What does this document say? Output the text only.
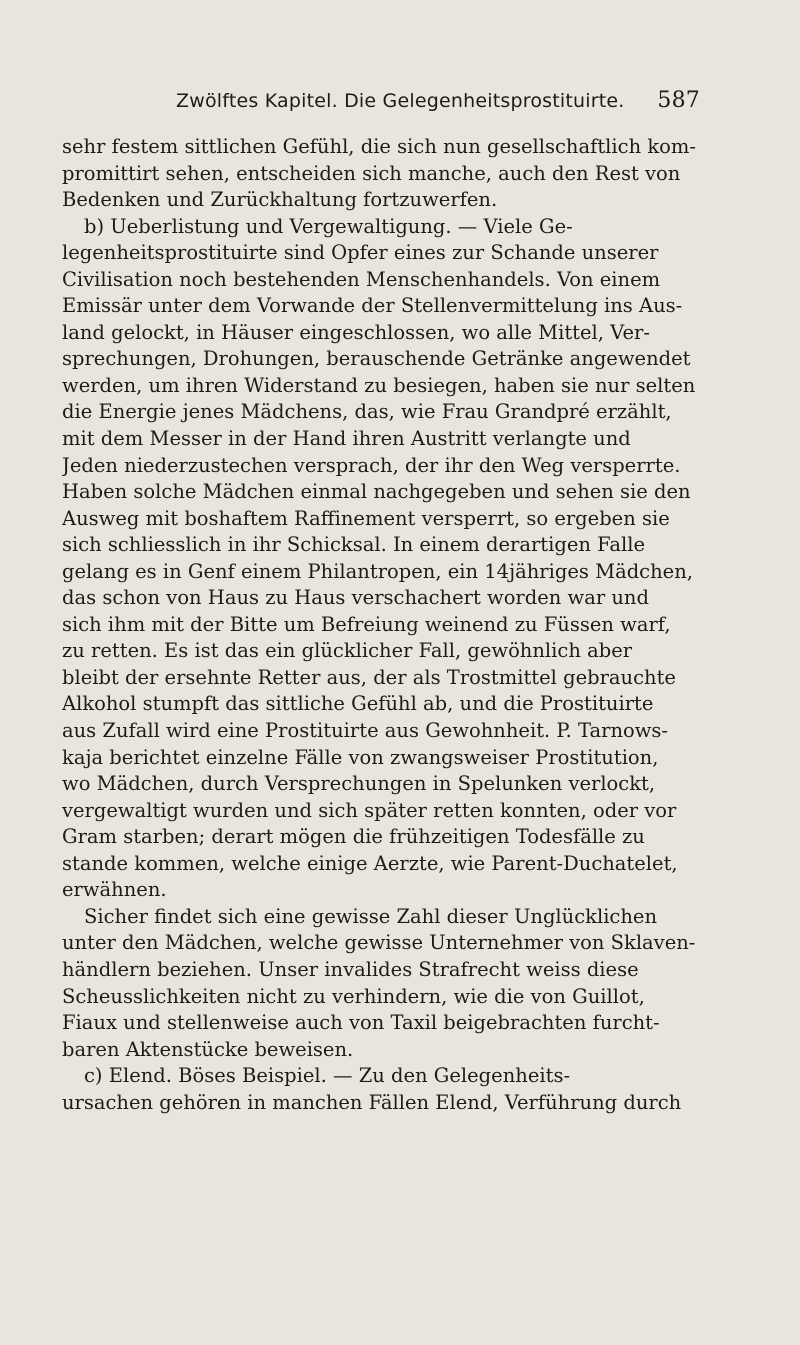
Zwölftes Kapitel. Die Gelegenheitsprostituirte. 587
sehr festem sittlichen Gefühl, die sich nun gesellschaftlich kom-
promittirt sehen, entscheiden sich manche, auch den Rest von
Bedenken und Zurückhaltung fortzuwerfen.
b) Ueberlistung und Vergewaltigung. — Viele Ge-
legenheitsprostituirte sind Opfer eines zur Schande unserer
Civilisation noch bestehenden Menschenhandels. Von einem
Emissär unter dem Vorwande der Stellenvermittelung ins Aus-
land gelockt, in Häuser eingeschlossen, wo alle Mittel, Ver-
sprechungen, Drohungen, berauschende Getränke angewendet
werden, um ihren Widerstand zu besiegen, haben sie nur selten
die Energie jenes Mädchens, das, wie Frau Grandpré erzählt,
mit dem Messer in der Hand ihren Austritt verlangte und
Jeden niederzustechen versprach, der ihr den Weg versperrte.
Haben solche Mädchen einmal nachgegeben und sehen sie den
Ausweg mit boshaftem Raffinement versperrt, so ergeben sie
sich schliesslich in ihr Schicksal. In einem derartigen Falle
gelang es in Genf einem Philantropen, ein 14jähriges Mädchen,
das schon von Haus zu Haus verschachert worden war und
sich ihm mit der Bitte um Befreiung weinend zu Füssen warf,
zu retten. Es ist das ein glücklicher Fall, gewöhnlich aber
bleibt der ersehnte Retter aus, der als Trostmittel gebrauchte
Alkohol stumpft das sittliche Gefühl ab, und die Prostituirte
aus Zufall wird eine Prostituirte aus Gewohnheit. P. Tarnows-
kaja berichtet einzelne Fälle von zwangsweiser Prostitution,
wo Mädchen, durch Versprechungen in Spelunken verlockt,
vergewaltigt wurden und sich später retten konnten, oder vor
Gram starben; derart mögen die frühzeitigen Todesfälle zu
stande kommen, welche einige Aerzte, wie Parent-Duchatelet,
erwähnen.
Sicher findet sich eine gewisse Zahl dieser Unglücklichen
unter den Mädchen, welche gewisse Unternehmer von Sklaven-
händlern beziehen. Unser invalides Strafrecht weiss diese
Scheusslichkeiten nicht zu verhindern, wie die von Guillot,
Fiaux und stellenweise auch von Taxil beigebrachten furcht-
baren Aktenstücke beweisen.
c) Elend. Böses Beispiel. — Zu den Gelegenheits-
ursachen gehören in manchen Fällen Elend, Verführung durch
